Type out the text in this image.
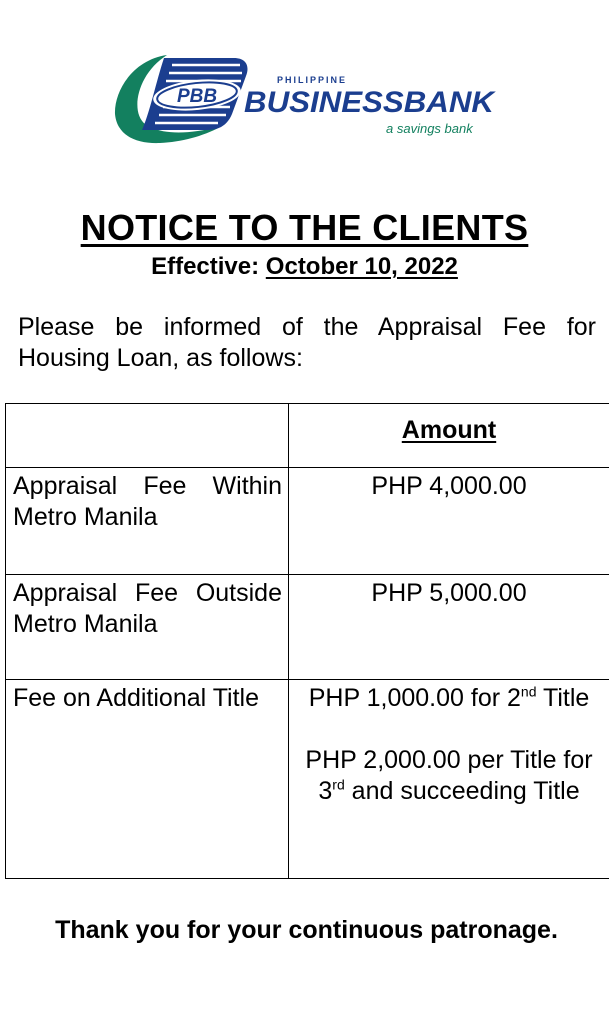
PBB
PHILIPPINE
BUSINESSBANK
a savings bank
NOTICE TO THE CLIENTS
Effective: October 10, 2022
Please be informed of the Appraisal Fee for Housing Loan, as follows:
	Amount
Appraisal Fee Within Metro Manila	PHP 4,000.00
Appraisal Fee Outside Metro Manila	PHP 5,000.00
Fee on Additional Title	PHP 1,000.00 for 2nd Title
PHP 2,000.00 per Title for 3rd and succeeding Title
Thank you for your continuous patronage.
